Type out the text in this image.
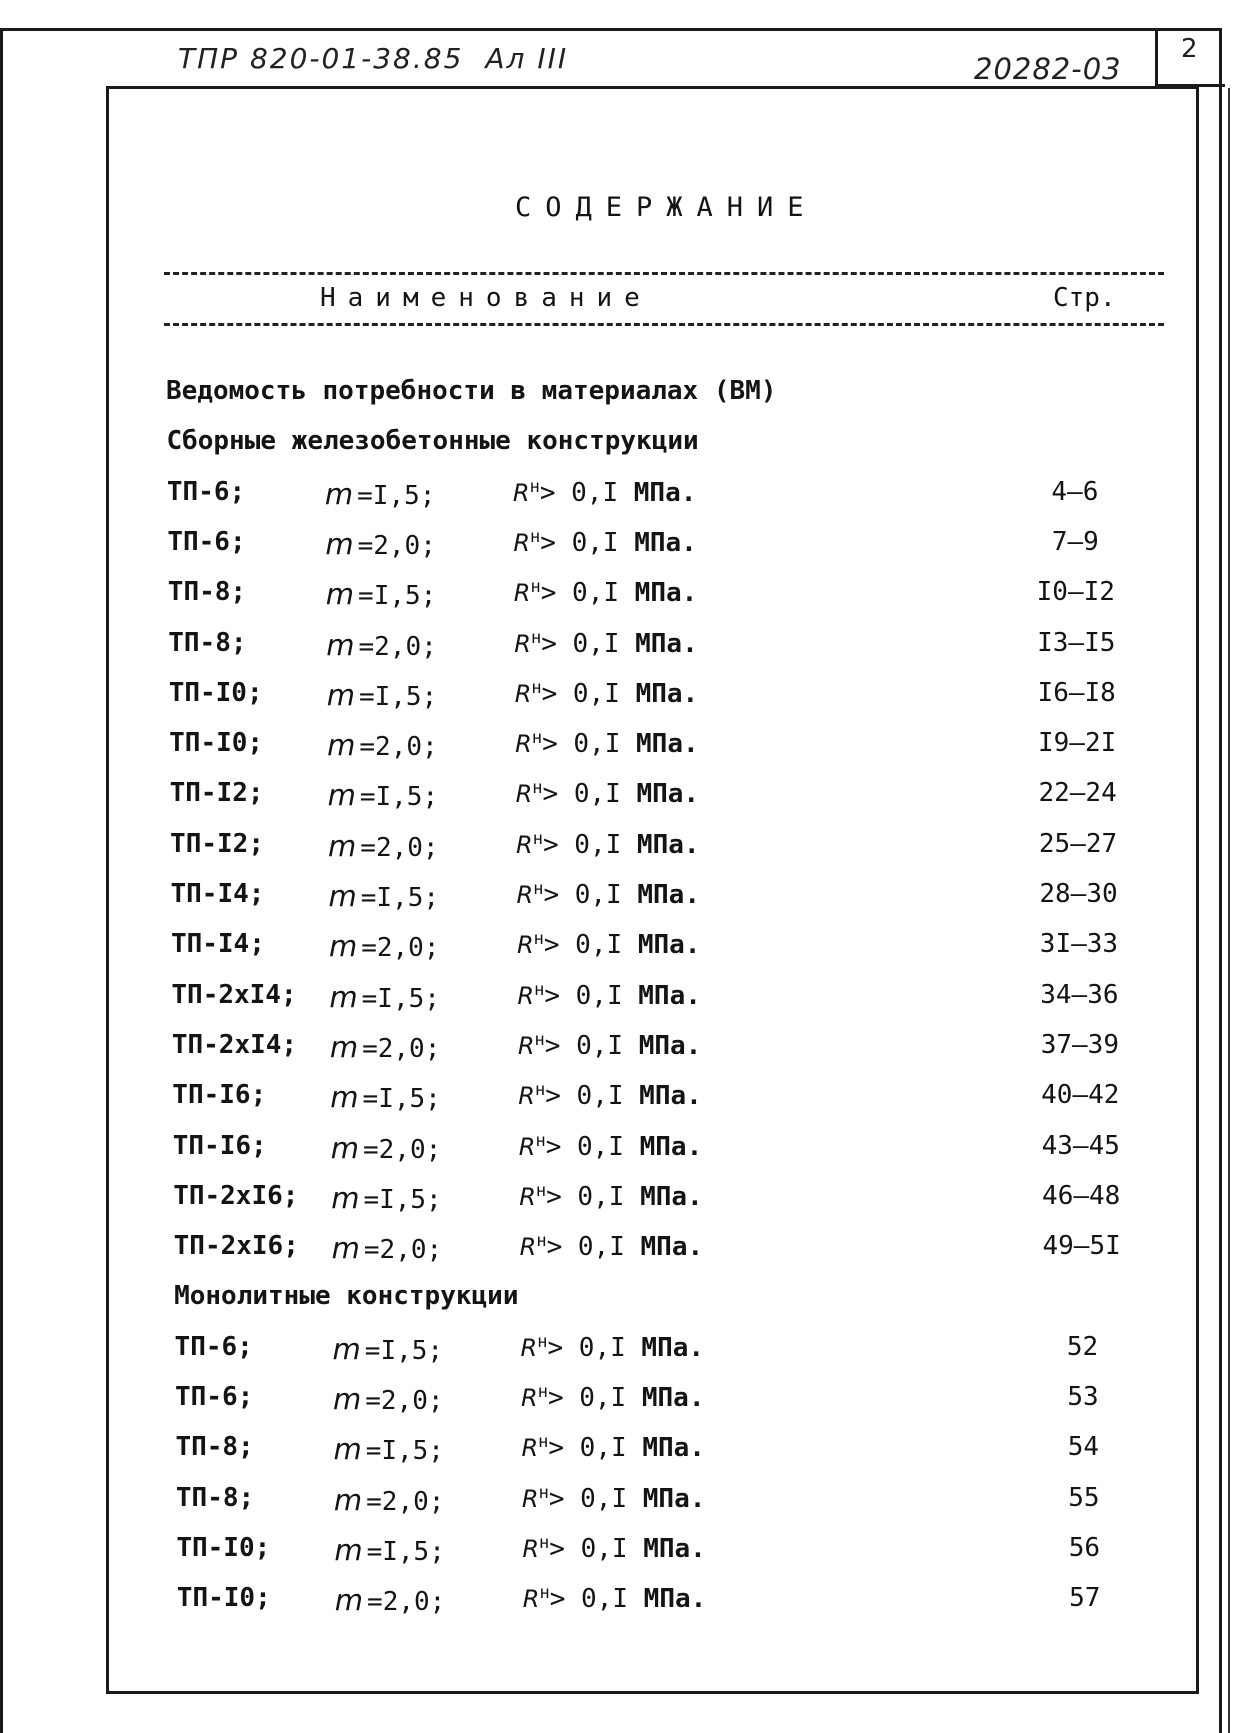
ТПР 820-01-38.85 Ал III	20282-03
2
СОДЕРЖАНИЕ
Наименование	Стр.
Ведомость потребности в материалах (ВМ)
Сборные железобетонные конструкции
ТП-6;	m =I,5;	$R^н> 0,I$ МПа.	4–6
ТП-6;	m =2,0;	$R^н> 0,I$ МПа.	7–9
ТП-8;	m =I,5;	$R^н> 0,I$ МПа.	I0–I2
ТП-8;	m =2,0;	$R^н> 0,I$ МПа.	I3–I5
ТП-I0; m =I,5;	$R^н> 0,I$ МПа.	I6–I8
ТП-I0; m =2,0;	$R^н> 0,I$ МПа.	I9–2I
ТП-I2; m =I,5;	$R^н> 0,I$ МПа.	22–24
ТП-I2; m =2,0;	$R^н> 0,I$ МПа.	25–27
ТП-I4; m =I,5;	$R^н> 0,I$ МПа.	28–30
ТП-I4; m =2,0;	$R^н> 0,I$ МПа.	3I–33
ТП-2хI4; m =I,5;	$R^н> 0,I$ МПа.	34–36
ТП-2хI4; m =2,0;	$R^н> 0,I$ МПа.	37–39
ТП-I6; m =I,5;	$R^н> 0,I$ МПа.	40–42
ТП-I6; m =2,0;	$R^н> 0,I$ МПа.	43–45
ТП-2хI6; m =I,5;	$R^н> 0,I$ МПа.	46–48
ТП-2хI6; m =2,0;	$R^н> 0,I$ МПа.	49–5I
Монолитные конструкции
ТП-6;	m =I,5;	$R^н> 0,I$ МПа.	52
ТП-6;	m =2,0;	$R^н> 0,I$ МПа.	53
ТП-8;	m =I,5;	$R^н> 0,I$ МПа.	54
ТП-8;	m =2,0;	$R^н> 0,I$ МПа.	55
ТП-I0; m =I,5;	$R^н> 0,I$ МПа.	56
ТП-I0; m =2,0;	$R^н> 0,I$ МПа.	57
